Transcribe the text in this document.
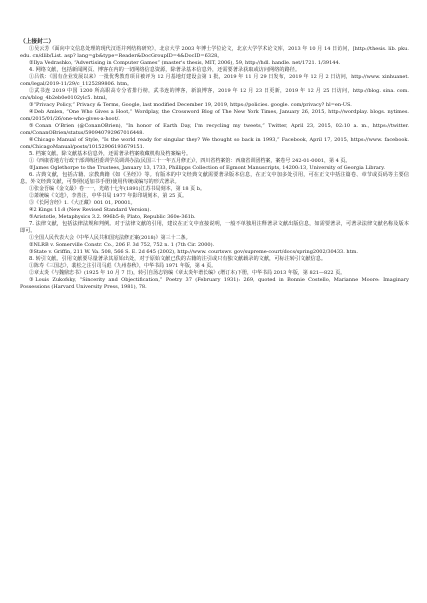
（上接封二）

①吴云芳《面向中文信息处理的现代汉语并列结构研究》，北京大学 2003 年博士学位论文，北京大学学术论文库，2013 年 10 月 14 日访问，[http://thesis. lib. pku. edu. cn/dlib/List. asp? lang=gb&type=Reader&DocGroupID=4&DocID=6328。

②Ilya Vedrashko, “Advertising in Computer Games” (master's thesis, MIT, 2006), 59, http://hdl. handle. net/1721. 1/39144.

4. 网络文献，包括新闻网页、博客在内的一切网络信息资源，除著录基本信息外，还需要著录获取或访问网络的路径。

①吕铁：《国有企业发展以来》一批优秀教育项目被评为 12 月基地灯建设会第 1 批，2019 年 11 月 29 日发布，2019 年 12 月 2 日访问，http://www. xinhuanet. com/legal/2019-11/29/c_1125289806. htm。

②武书连 2019 中国 1200 所高职高专分省排行榜，武书连的博客，新浪博客，2019 年 12 月 23 日更新，2019 年 12 月 25 日访问，http://blog. sina. com. cn/s/blog_4b2eb0e0102ylc5. html。

③“Privacy Policy,” Privacy & Terms, Google, last modified December 19, 2019, https://policies. google. com/privacy? hl=en-US.

④Deb Amlen, “One Who Gives a Hoot,” Wordplay, the Crossword Blog of The New York Times, January 26, 2015, http://wordplay. blogs. nytimes. com/2015/01/26/one-who-gives-a-hoot/.

⑤Conan O'Brien (@ConanOBrien), “In honor of Earth Day, I'm recycling my tweets,” Twitter, April 23, 2015, 02:10 a. m., https://twitter. com/ConanOBrien/status/590940792967016448.

⑥Chicago Manual of Style, “Is the world ready for singular they? We thought so back in 1993,” Facebook, April 17, 2015, https://www. facebook. com/ChicagoManual/posts/10152906193679151.

5. 档案文献。除文献基本信息外，还需著录档案收藏机构及档案编号。

①《西康省地方行政干部训练团委训学员调训办法(民国三十一年五月修正)》，四川省档案馆：西康省训团档案，案卷号 242-01-0001，第 4 页。

②James Oglethorpe to the Trustees, January 13, 1733, Phillipps Collection of Egmont Manuscripts, 14200:13, University of Georgia Library.

6. 古典文献，包括古籍、宗教典籍《如《圣经》》等。有版本的中文经典文献需要著录版本信息，在正文中加多处引用，可在正文中括注篇卷、章节或页码等主要信息。外文经典文献，可参照(适加书手册)使用传统或编写的形式著录。

①张金吾编《金文最》卷一一，光绪十七年(1891)江苏书局刻本，第 18 页 b。

②萧统编《文选》，李善注，中华书局 1977 年影印胡刻本，第 25 页。

③《长阿含经》1.《大正藏》001 01, P0001。

④2 Kings 11:8 (New Revised Standard Version).

⑤Aristotle, Metaphysics 3.2. 996b5-8; Plato, Republic 360e-361b.

7. 法律文献，包括法律法规和判例。对于法律文献的引用，建议在正文中直接说明，一般不单独用注释著录文献出版信息，如需要著录，可著录法律文献名称及版本即可。

①全国人民代表大会《中华人民共和国宪法修正案(2018)》第三十二条。

②NLRB v. Somerville Constr. Co., 206 F. 3d 752, 752 n. 1 (7th Cir. 2000).

③State v. Griffin, 211 W. Va. 508, 566 S. E. 2d 645 (2002), http://www. courtswv. gov/supreme-court/docs/spring2002/30433. htm.

8. 转引文献。引用文献要尽量著录其原始出处，对于原始文献已佚的古籍的注引或只有独文献载录的文献，可标注转引文献信息。

①陈寿《三国志》，裴松之注引司马彪《九州春秋》，中华书局 1971 年版，第 4 页。

②章太炎《与魏鼎忠书》(1925 年 10 月 7 日)，转引自汤志钧编《章太炎年谱长编》(增订本)下册，中华书局 2013 年版，第 821—822 页。

③Louis Zukofsky, “Sincerity and Objectification,” Poetry 37 (February 1931): 269, quoted in Bonnie Costello, Marianne Moore: Imaginary Possessions (Harvard University Press, 1981), 78.
